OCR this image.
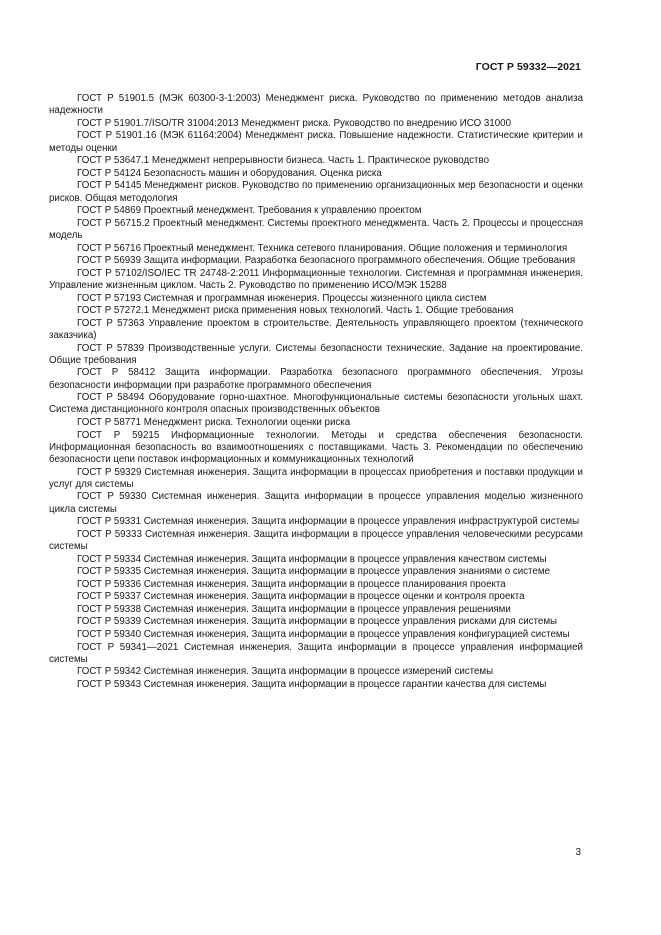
ГОСТ Р 59332—2021
ГОСТ Р 51901.5 (МЭК 60300-3-1:2003) Менеджмент риска. Руководство по применению методов анализа надежности
ГОСТ Р 51901.7/ISO/TR 31004:2013 Менеджмент риска. Руководство по внедрению ИСО 31000
ГОСТ Р 51901.16 (МЭК 61164:2004) Менеджмент риска. Повышение надежности. Статистические критерии и методы оценки
ГОСТ Р 53647.1 Менеджмент непрерывности бизнеса. Часть 1. Практическое руководство
ГОСТ Р 54124 Безопасность машин и оборудования. Оценка риска
ГОСТ Р 54145 Менеджмент рисков. Руководство по применению организационных мер безопасности и оценки рисков. Общая методология
ГОСТ Р 54869 Проектный менеджмент. Требования к управлению проектом
ГОСТ Р 56715.2 Проектный менеджмент. Системы проектного менеджмента. Часть 2. Процессы и процессная модель
ГОСТ Р 56716 Проектный менеджмент. Техника сетевого планирования. Общие положения и терминология
ГОСТ Р 56939 Защита информации. Разработка безопасного программного обеспечения. Общие требования
ГОСТ Р 57102/ISO/IEC TR 24748-2:2011 Информационные технологии. Системная и программная инженерия. Управление жизненным циклом. Часть 2. Руководство по применению ИСО/МЭК 15288
ГОСТ Р 57193 Системная и программная инженерия. Процессы жизненного цикла систем
ГОСТ Р 57272.1 Менеджмент риска применения новых технологий. Часть 1. Общие требования
ГОСТ Р 57363 Управление проектом в строительстве. Деятельность управляющего проектом (технического заказчика)
ГОСТ Р 57839 Производственные услуги. Системы безопасности технические. Задание на проектирование. Общие требования
ГОСТ Р 58412 Защита информации. Разработка безопасного программного обеспечения. Угрозы безопасности информации при разработке программного обеспечения
ГОСТ Р 58494 Оборудование горно-шахтное. Многофункциональные системы безопасности угольных шахт. Система дистанционного контроля опасных производственных объектов
ГОСТ Р 58771 Менеджмент риска. Технологии оценки риска
ГОСТ Р 59215 Информационные технологии. Методы и средства обеспечения безопасности. Информационная безопасность во взаимоотношениях с поставщиками. Часть 3. Рекомендации по обеспечению безопасности цепи поставок информационных и коммуникационных технологий
ГОСТ Р 59329 Системная инженерия. Защита информации в процессах приобретения и поставки продукции и услуг для системы
ГОСТ Р 59330 Системная инженерия. Защита информации в процессе управления моделью жизненного цикла системы
ГОСТ Р 59331 Системная инженерия. Защита информации в процессе управления инфраструктурой системы
ГОСТ Р 59333 Системная инженерия. Защита информации в процессе управления человеческими ресурсами системы
ГОСТ Р 59334 Системная инженерия. Защита информации в процессе управления качеством системы
ГОСТ Р 59335 Системная инженерия. Защита информации в процессе управления знаниями о системе
ГОСТ Р 59336 Системная инженерия. Защита информации в процессе планирования проекта
ГОСТ Р 59337 Системная инженерия. Защита информации в процессе оценки и контроля проекта
ГОСТ Р 59338 Системная инженерия. Защита информации в процессе управления решениями
ГОСТ Р 59339 Системная инженерия. Защита информации в процессе управления рисками для системы
ГОСТ Р 59340 Системная инженерия. Защита информации в процессе управления конфигурацией системы
ГОСТ Р 59341—2021 Системная инженерия. Защита информации в процессе управления информацией системы
ГОСТ Р 59342 Системная инженерия. Защита информации в процессе измерений системы
ГОСТ Р 59343 Системная инженерия. Защита информации в процессе гарантии качества для системы
3
